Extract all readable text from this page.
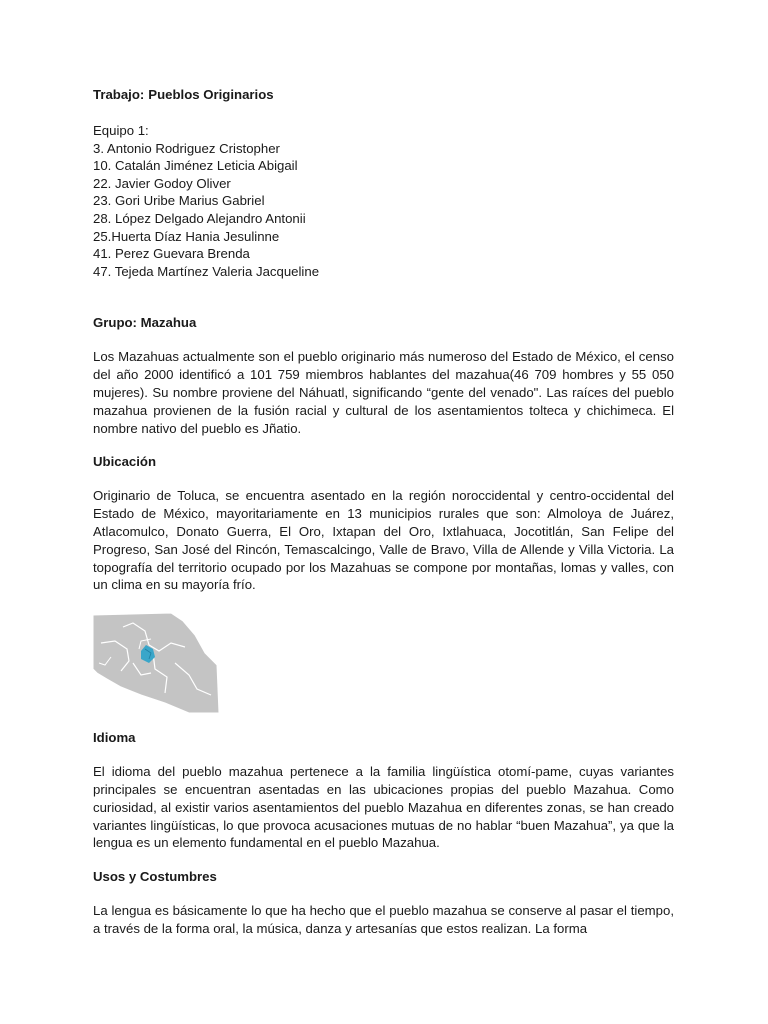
Trabajo: Pueblos Originarios

Equipo 1:

3. Antonio Rodriguez Cristopher

10. Catalán Jiménez Leticia Abigail

22. Javier Godoy Oliver

23. Gori Uribe Marius Gabriel

28. López Delgado Alejandro Antonii

25.Huerta Díaz Hania Jesulinne

41. Perez Guevara Brenda

47. Tejeda Martínez Valeria Jacqueline

Grupo: Mazahua

Los Mazahuas actualmente son el pueblo originario más numeroso del Estado de México, el censo del año 2000 identificó a 101 759 miembros hablantes del mazahua(46 709 hombres y 55 050 mujeres). Su nombre proviene del Náhuatl, significando “gente del venado". Las raíces del pueblo mazahua provienen de la fusión racial y cultural de los asentamientos tolteca y chichimeca. El nombre nativo del pueblo es Jñatio.

Ubicación

Originario de Toluca, se encuentra asentado en la región noroccidental y centro-occidental del Estado de México, mayoritariamente en 13 municipios rurales que son: Almoloya de Juárez, Atlacomulco, Donato Guerra, El Oro, Ixtapan del Oro, Ixtlahuaca, Jocotitlán, San Felipe del Progreso, San José del Rincón, Temascalcingo, Valle de Bravo, Villa de Allende y Villa Victoria. La topografía del territorio ocupado por los Mazahuas se compone por montañas, lomas y valles, con un clima en su mayoría frío.

Idioma

El idioma del pueblo mazahua pertenece a la familia lingüística otomí-pame, cuyas variantes principales se encuentran asentadas en las ubicaciones propias del pueblo Mazahua. Como curiosidad, al existir varios asentamientos del pueblo Mazahua en diferentes zonas, se han creado variantes lingüísticas, lo que provoca acusaciones mutuas de no hablar “buen Mazahua”, ya que la lengua es un elemento fundamental en el pueblo Mazahua.

Usos y Costumbres

La lengua es básicamente lo que ha hecho que el pueblo mazahua se conserve al pasar el tiempo, a través de la forma oral, la música, danza y artesanías que estos realizan. La forma
